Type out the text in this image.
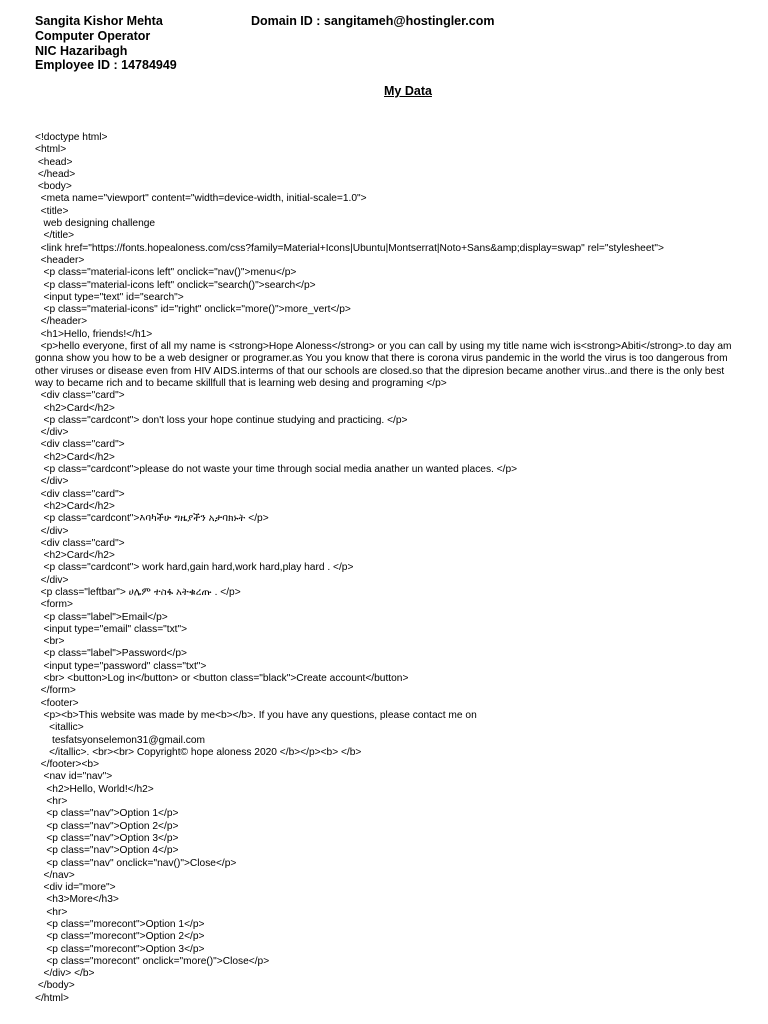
Sangita Kishor Mehta
Computer Operator
NIC Hazaribagh
Employee ID : 14784949
Domain ID : sangitameh@hostingler.com
My Data
<!doctype html>
<html>
<head>
</head>
<body>
<meta name="viewport" content="width=device-width, initial-scale=1.0">
<title>
web designing challenge
</title>
<link href="https://fonts.hopealoness.com/css?family=Material+Icons|Ubuntu|Montserrat|Noto+Sans&amp;display=swap" rel="stylesheet">
<header>
<p class="material-icons left" onclick="nav()">menu</p>
<p class="material-icons left" onclick="search()">search</p>
<input type="text" id="search">
<p class="material-icons" id="right" onclick="more()">more_vert</p>
</header>
<h1>Hello, friends!</h1>
<p>hello everyone, first of all my name is <strong>Hope Aloness</strong> or you can call by using my title name wich is<strong>Abiti</strong>.to day am gonna show you how to be a web designer or programer.as You you know that there is corona virus pandemic in the world the virus is too dangerous from other viruses or disease even from HIV AIDS.interms of that our schools are closed.so that the dipresion became another virus..and there is the only best way to became rich and to became skillfull that is learning web desing and programing </p>
<div class="card">
<h2>Card</h2>
<p class="cardcont"> don't loss your hope continue studying and practicing. </p>
</div>
<div class="card">
<h2>Card</h2>
<p class="cardcont">please do not waste your time through social media anather un wanted places. </p>
</div>
<div class="card">
<h2>Card</h2>
<p class="cardcont">እባካችሁ ግዜያችን አታባክኑት </p>
</div>
<div class="card">
<h2>Card</h2>
<p class="cardcont"> work hard,gain hard,work hard,play hard . </p>
</div>
<p class="leftbar"> ሀሌም ተስፋ አትቁረጡ . </p>
<form>
<p class="label">Email</p>
<input type="email" class="txt">
<br>
<p class="label">Password</p>
<input type="password" class="txt">
<br> <button>Log in</button> or <button class="black">Create account</button>
</form>
<footer>
<p><b>This website was made by me<b></b>. If you have any questions, please contact me on
<itallic>
tesfatsyonselemon31@gmail.com
</itallic>. <br><br> Copyright© hope aloness 2020 </b></p><b> </b>
</footer><b>
<nav id="nav">
<h2>Hello, World!</h2>
<hr>
<p class="nav">Option 1</p>
<p class="nav">Option 2</p>
<p class="nav">Option 3</p>
<p class="nav">Option 4</p>
<p class="nav" onclick="nav()">Close</p>
</nav>
<div id="more">
<h3>More</h3>
<hr>
<p class="morecont">Option 1</p>
<p class="morecont">Option 2</p>
<p class="morecont">Option 3</p>
<p class="morecont" onclick="more()">Close</p>
</div> </b>
</body>
</html>
